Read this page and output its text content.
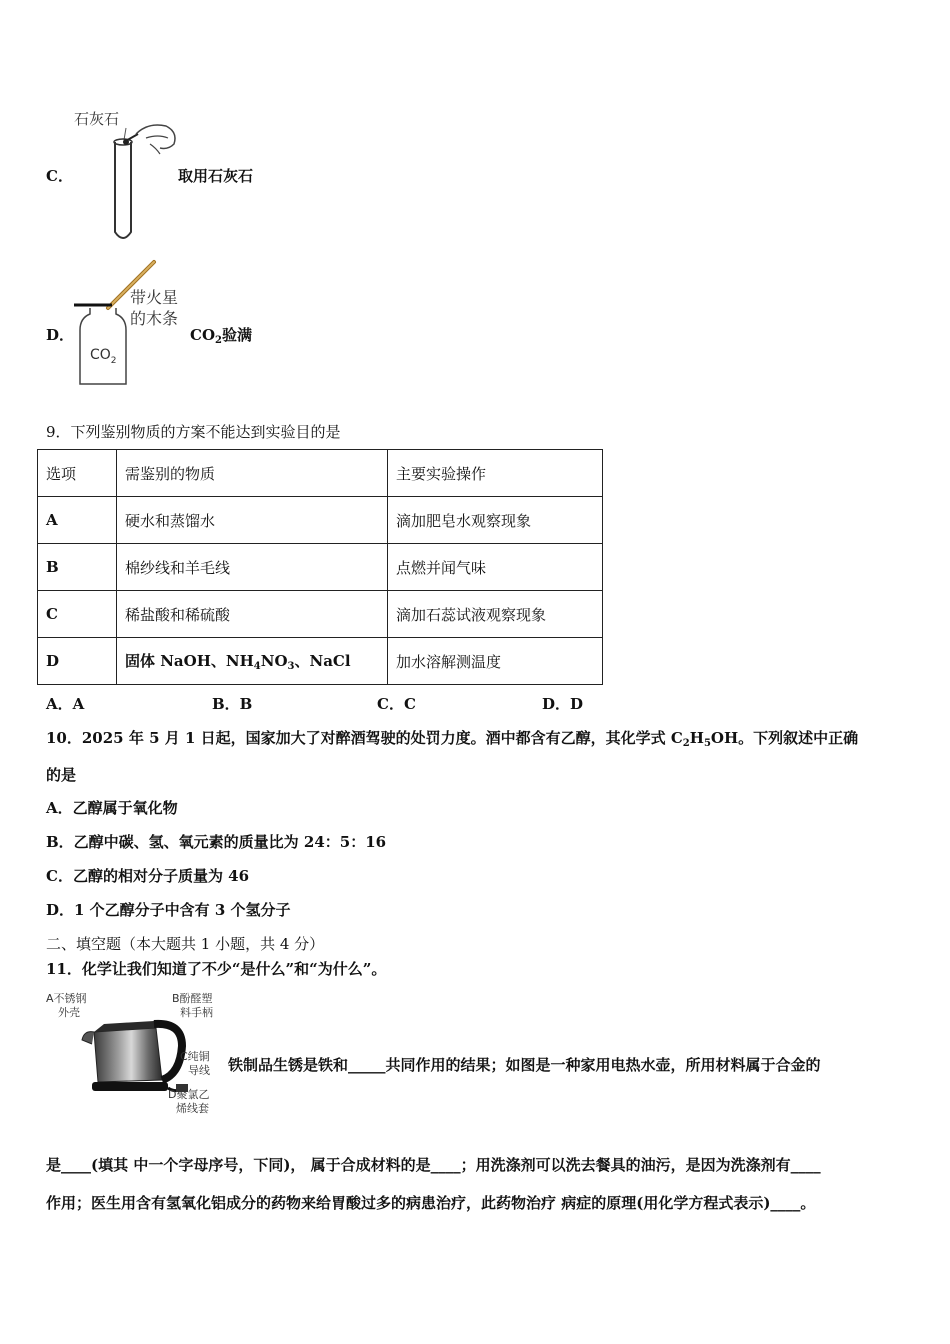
C．
石灰石
取用石灰石
D．
带火星
的木条
$CO_2$
$CO_2$验满
9．下列鉴别物质的方案不能达到实验目的是
选项	需鉴别的物质	主要实验操作
A	硬水和蒸馏水	滴加肥皂水观察现象
B	棉纱线和羊毛线	点燃并闻气味
C	稀盐酸和稀硫酸	滴加石蕊试液观察现象
D	固体 NaOH、$NH_4NO_3$、NaCl	加水溶解测温度
A．A	B．B	C．C	D．D
10．2025 年 5 月 1 日起，国家加大了对醉酒驾驶的处罚力度。酒中都含有乙醇，其化学式 $C_2H_5OH$。下列叙述中正确
的是
A．乙醇属于氧化物
B．乙醇中碳、氢、氧元素的质量比为 24：5：16
C．乙醇的相对分子质量为 46
D．1 个乙醇分子中含有 3 个氢分子
二、填空题（本大题共 1 小题，共 4 分）
11．化学让我们知道了不少“是什么”和“为什么”。
A不锈钢
外壳
B酚醛塑
料手柄
C纯铜
导线
D聚氯乙
烯线套
铁制品生锈是铁和_____共同作用的结果；如图是一种家用电热水壶，所用材料属于合金的
是____(填其 中一个字母序号，下同)， 属于合成材料的是____；用洗涤剂可以洗去餐具的油污，是因为洗涤剂有____
作用；医生用含有氢氧化铝成分的药物来给胃酸过多的病患治疗，此药物治疗 病症的原理(用化学方程式表示)____。
